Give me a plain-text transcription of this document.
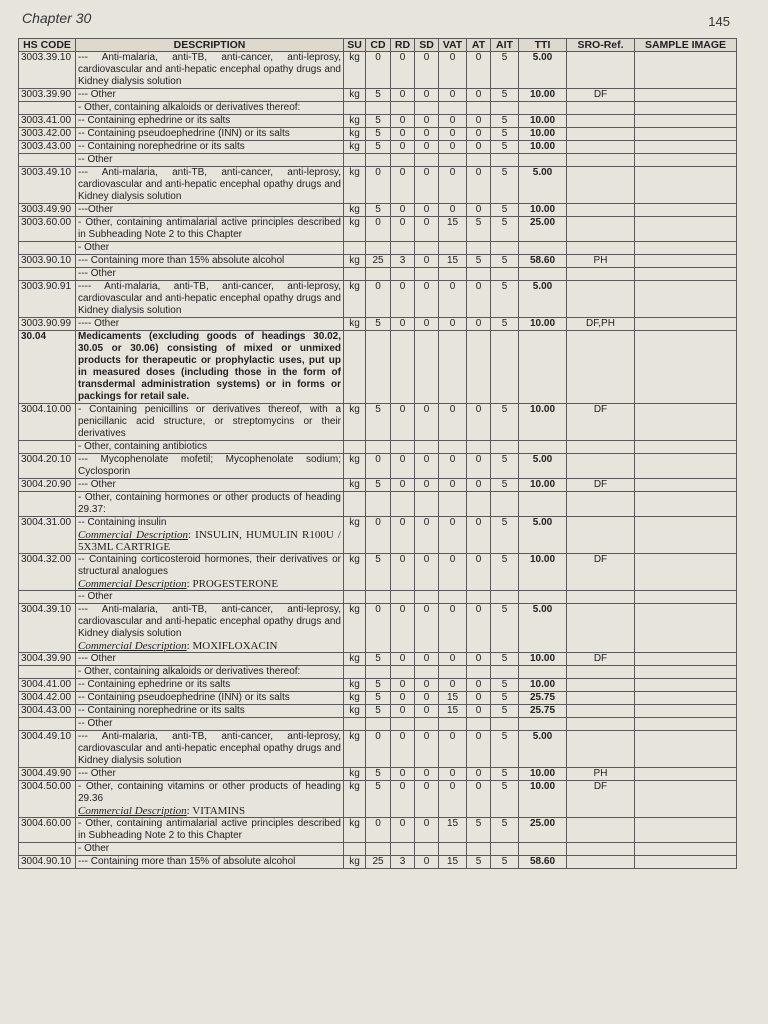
Chapter 30	145
HS CODE	DESCRIPTION	SU	CD	RD	SD	VAT	AT	AIT	TTI	SRO-Ref.	SAMPLE IMAGE
3003.39.10	--- Anti-malaria, anti-TB, anti-cancer, anti-leprosy, cardiovascular and anti-hepatic encephal opathy drugs and Kidney dialysis solution	kg	0	0	0	0	0	5	5.00		
3003.39.90	--- Other	kg	5	0	0	0	0	5	10.00	DF	
	- Other, containing alkaloids or derivatives thereof:										
3003.41.00	-- Containing ephedrine or its salts	kg	5	0	0	0	0	5	10.00		
3003.42.00	-- Containing pseudoephedrine (INN) or its salts	kg	5	0	0	0	0	5	10.00		
3003.43.00	-- Containing norephedrine or its salts	kg	5	0	0	0	0	5	10.00		
	-- Other										
3003.49.10	--- Anti-malaria, anti-TB, anti-cancer, anti-leprosy, cardiovascular and anti-hepatic encephal opathy drugs and Kidney dialysis solution	kg	0	0	0	0	0	5	5.00		
3003.49.90	---Other	kg	5	0	0	0	0	5	10.00		
3003.60.00	- Other, containing antimalarial active principles described in Subheading Note 2 to this Chapter	kg	0	0	0	15	5	5	25.00		
	- Other										
3003.90.10	--- Containing more than 15% absolute alcohol	kg	25	3	0	15	5	5	58.60	PH	
	--- Other										
3003.90.91	---- Anti-malaria, anti-TB, anti-cancer, anti-leprosy, cardiovascular and anti-hepatic encephal opathy drugs and Kidney dialysis solution	kg	0	0	0	0	0	5	5.00		
3003.90.99	---- Other	kg	5	0	0	0	0	5	10.00	DF,PH	
30.04	Medicaments (excluding goods of headings 30.02, 30.05 or 30.06) consisting of mixed or unmixed products for therapeutic or prophylactic uses, put up in measured doses (including those in the form of transdermal administration systems) or in forms or packings for retail sale.										
3004.10.00	- Containing penicillins or derivatives thereof, with a penicillanic acid structure, or streptomycins or their derivatives	kg	5	0	0	0	0	5	10.00	DF	
	- Other, containing antibiotics										
3004.20.10	--- Mycophenolate mofetil; Mycophenolate sodium; Cyclosporin	kg	0	0	0	0	0	5	5.00		
3004.20.90	--- Other	kg	5	0	0	0	0	5	10.00	DF	
	- Other, containing hormones or other products of heading 29.37:										
3004.31.00	-- Containing insulin
Commercial Description: INSULIN, HUMULIN R100U / 5X3ML CARTRIGE	kg	0	0	0	0	0	5	5.00		
3004.32.00	-- Containing corticosteroid hormones, their derivatives or structural analogues
Commercial Description: PROGESTERONE	kg	5	0	0	0	0	5	10.00	DF	
	-- Other										
3004.39.10	--- Anti-malaria, anti-TB, anti-cancer, anti-leprosy, cardiovascular and anti-hepatic encephal opathy drugs and Kidney dialysis solution
Commercial Description: MOXIFLOXACIN	kg	0	0	0	0	0	5	5.00		
3004.39.90	--- Other	kg	5	0	0	0	0	5	10.00	DF	
	- Other, containing alkaloids or derivatives thereof:										
3004.41.00	-- Containing ephedrine or its salts	kg	5	0	0	0	0	5	10.00		
3004.42.00	-- Containing pseudoephedrine (INN) or its salts	kg	5	0	0	15	0	5	25.75		
3004.43.00	-- Containing norephedrine or its salts	kg	5	0	0	15	0	5	25.75		
	-- Other										
3004.49.10	--- Anti-malaria, anti-TB, anti-cancer, anti-leprosy, cardiovascular and anti-hepatic encephal opathy drugs and Kidney dialysis solution	kg	0	0	0	0	0	5	5.00		
3004.49.90	--- Other	kg	5	0	0	0	0	5	10.00	PH	
3004.50.00	- Other, containing vitamins or other products of heading 29.36
Commercial Description: VITAMINS	kg	5	0	0	0	0	5	10.00	DF	
3004.60.00	- Other, containing antimalarial active principles described in Subheading Note 2 to this Chapter	kg	0	0	0	15	5	5	25.00		
	- Other										
3004.90.10	--- Containing more than 15% of absolute alcohol	kg	25	3	0	15	5	5	58.60		
